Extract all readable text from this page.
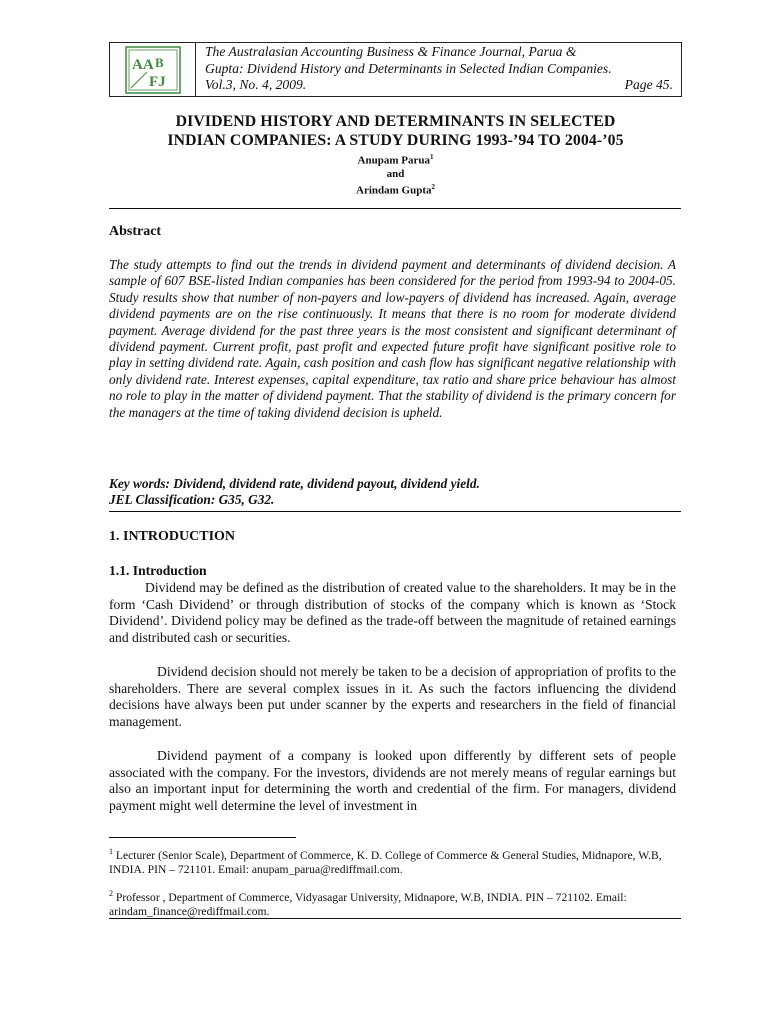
AA
FJ
B
The Australasian Accounting Business & Finance Journal, Parua &
Gupta: Dividend History and Determinants in Selected Indian Companies.
Vol.3, No. 4, 2009.	Page 45.
DIVIDEND HISTORY AND DETERMINANTS IN SELECTED
INDIAN COMPANIES: A STUDY DURING 1993-’94 TO 2004-’05
Anupam Parua$^1$
and
Arindam Gupta$^2$
Abstract
The study attempts to find out the trends in dividend payment and determinants of dividend decision. A sample of 607 BSE-listed Indian companies has been considered for the period from 1993-94 to 2004-05. Study results show that number of non-payers and low-payers of dividend has increased. Again, average dividend payments are on the rise continuously. It means that there is no room for moderate dividend payment. Average dividend for the past three years is the most consistent and significant determinant of dividend payment. Current profit, past profit and expected future profit have significant positive role to play in setting dividend rate. Again, cash position and cash flow has significant negative relationship with only dividend rate. Interest expenses, capital expenditure, tax ratio and share price behaviour has almost no role to play in the matter of dividend payment. That the stability of dividend is the primary concern for the managers at the time of taking dividend decision is upheld.
Key words: Dividend, dividend rate, dividend payout, dividend yield.
JEL Classification: G35, G32.
1. INTRODUCTION
1.1. Introduction
Dividend may be defined as the distribution of created value to the shareholders. It may be in the form ‘Cash Dividend’ or through distribution of stocks of the company which is known as ‘Stock Dividend’. Dividend policy may be defined as the trade-off between the magnitude of retained earnings and distributed cash or securities.
Dividend decision should not merely be taken to be a decision of appropriation of profits to the shareholders. There are several complex issues in it. As such the factors influencing the dividend decisions have always been put under scanner by the experts and researchers in the field of financial management.
Dividend payment of a company is looked upon differently by different sets of people associated with the company. For the investors, dividends are not merely means of regular earnings but also an important input for determining the worth and credential of the firm. For managers, dividend payment might well determine the level of investment in
$^1$ Lecturer (Senior Scale), Department of Commerce, K. D. College of Commerce & General Studies, Midnapore, W.B, INDIA. PIN – 721101. Email: anupam_parua@rediffmail.com.
$^2$ Professor , Department of Commerce, Vidyasagar University, Midnapore, W.B, INDIA. PIN – 721102. Email: arindam_finance@rediffmail.com.
